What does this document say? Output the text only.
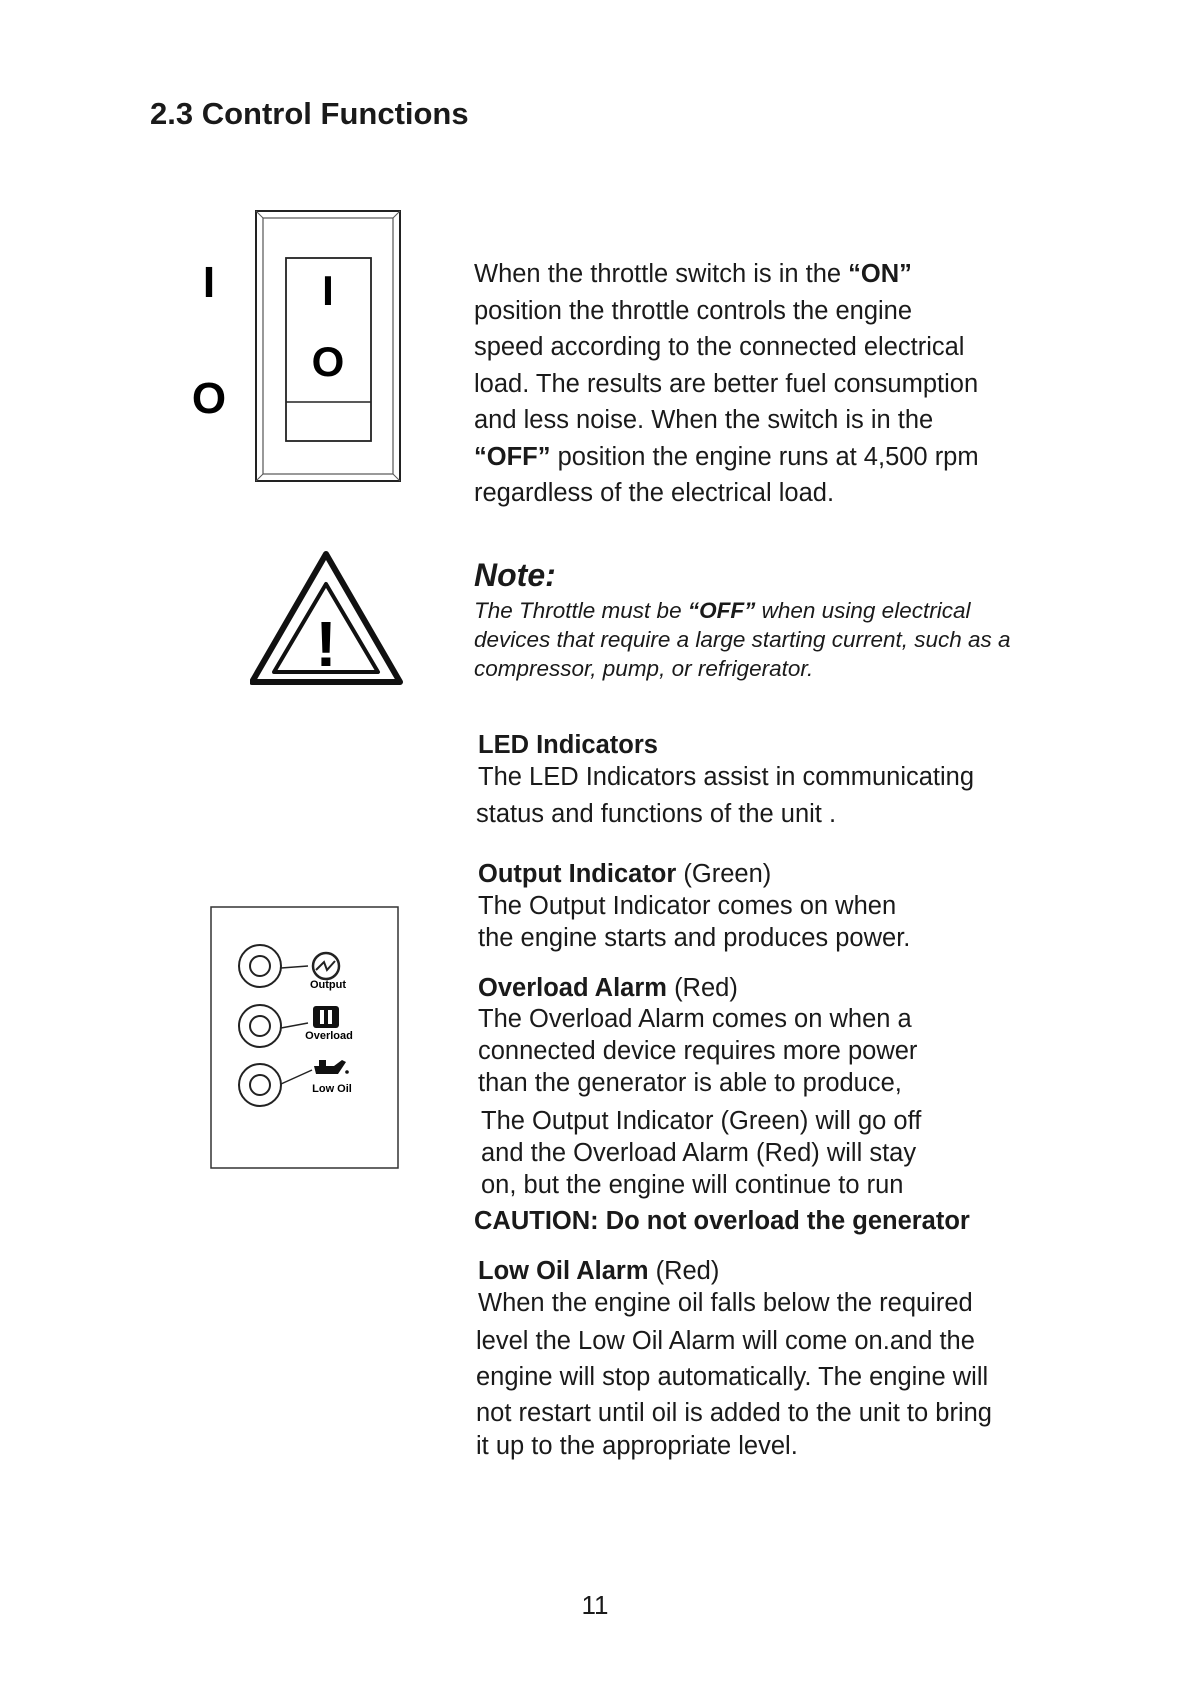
2.3 Control Functions
I
O
I
O
When the throttle switch is in the “ON”
position the throttle controls the engine
speed according to the connected electrical
load. The results are better fuel consumption
and less noise. When the switch is in the
“OFF” position the engine runs at 4,500 rpm
regardless of the electrical load.
!
Note:
The Throttle must be “OFF” when using electrical
devices that require a large starting current, such as a
compressor, pump, or refrigerator.
LED Indicators
The LED Indicators assist in communicating
status and functions of the unit .
Output
Overload
Low Oil
Output Indicator (Green)
The Output Indicator comes on when
the engine starts and produces power.
Overload Alarm (Red)
The Overload Alarm comes on when a
connected device requires more power
than the generator is able to produce,
The Output Indicator (Green) will go off
and the Overload Alarm (Red) will stay
on, but the engine will continue to run
CAUTION: Do not overload the generator
Low Oil Alarm (Red)
When the engine oil falls below the required
level the Low Oil Alarm will come on.and the
engine will stop automatically. The engine will
not restart until oil is added to the unit to bring
it up to the appropriate level.
11
